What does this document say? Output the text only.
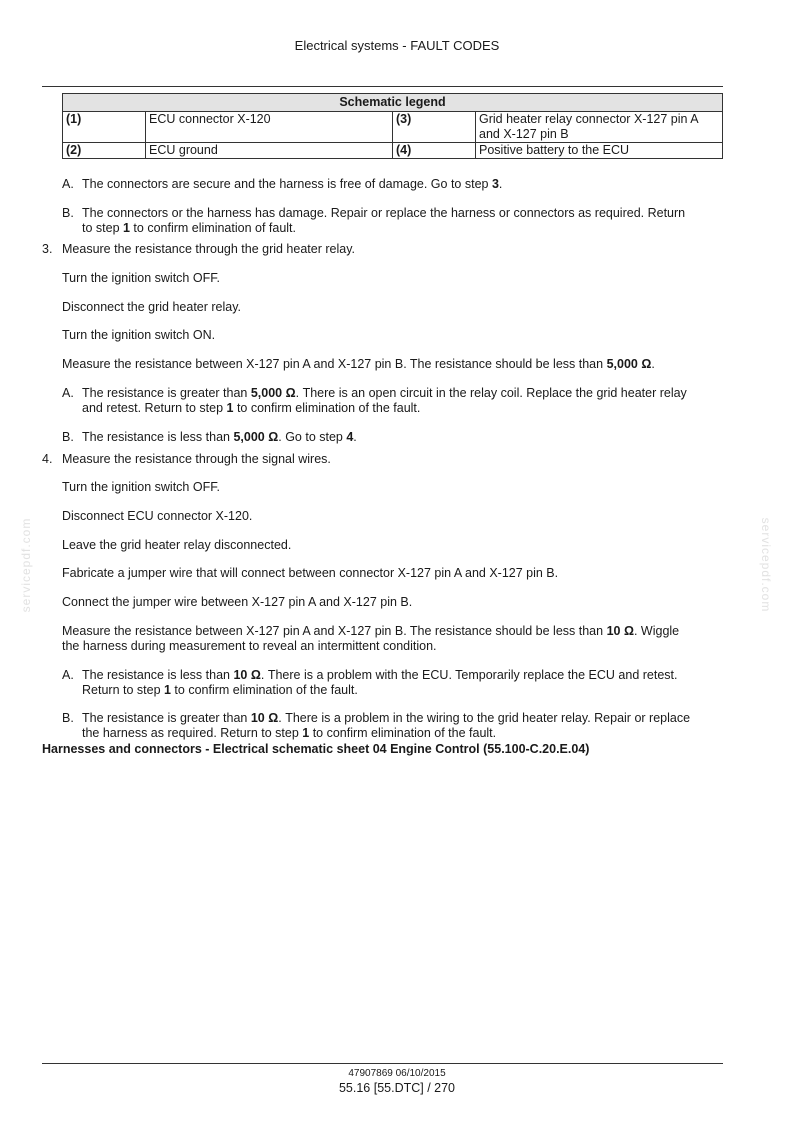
Electrical systems - FAULT CODES
Schematic legend			
(1)	ECU connector X-120	(3)	Grid heater relay connector X-127 pin A
and X-127 pin B
(2)	ECU ground	(4)	Positive battery to the ECU
A. The connectors are secure and the harness is free of damage. Go to step 3.
B. The connectors or the harness has damage. Repair or replace the harness or connectors as required. Return
to step 1 to confirm elimination of fault.
3. Measure the resistance through the grid heater relay.
Turn the ignition switch OFF.
Disconnect the grid heater relay.
Turn the ignition switch ON.
Measure the resistance between X-127 pin A and X-127 pin B. The resistance should be less than 5,000 Ω.
A. The resistance is greater than 5,000 Ω. There is an open circuit in the relay coil. Replace the grid heater relay
and retest. Return to step 1 to confirm elimination of the fault.
B. The resistance is less than 5,000 Ω. Go to step 4.
4. Measure the resistance through the signal wires.
Turn the ignition switch OFF.
Disconnect ECU connector X-120.
Leave the grid heater relay disconnected.
Fabricate a jumper wire that will connect between connector X-127 pin A and X-127 pin B.
Connect the jumper wire between X-127 pin A and X-127 pin B.
Measure the resistance between X-127 pin A and X-127 pin B. The resistance should be less than 10 Ω. Wiggle
the harness during measurement to reveal an intermittent condition.
A. The resistance is less than 10 Ω. There is a problem with the ECU. Temporarily replace the ECU and retest.
Return to step 1 to confirm elimination of the fault.
B. The resistance is greater than 10 Ω. There is a problem in the wiring to the grid heater relay. Repair or replace
the harness as required. Return to step 1 to confirm elimination of the fault.
Harnesses and connectors - Electrical schematic sheet 04 Engine Control (55.100-C.20.E.04)
servicepdf.com	servicepdf.com
47907869 06/10/2015
55.16 [55.DTC] / 270
